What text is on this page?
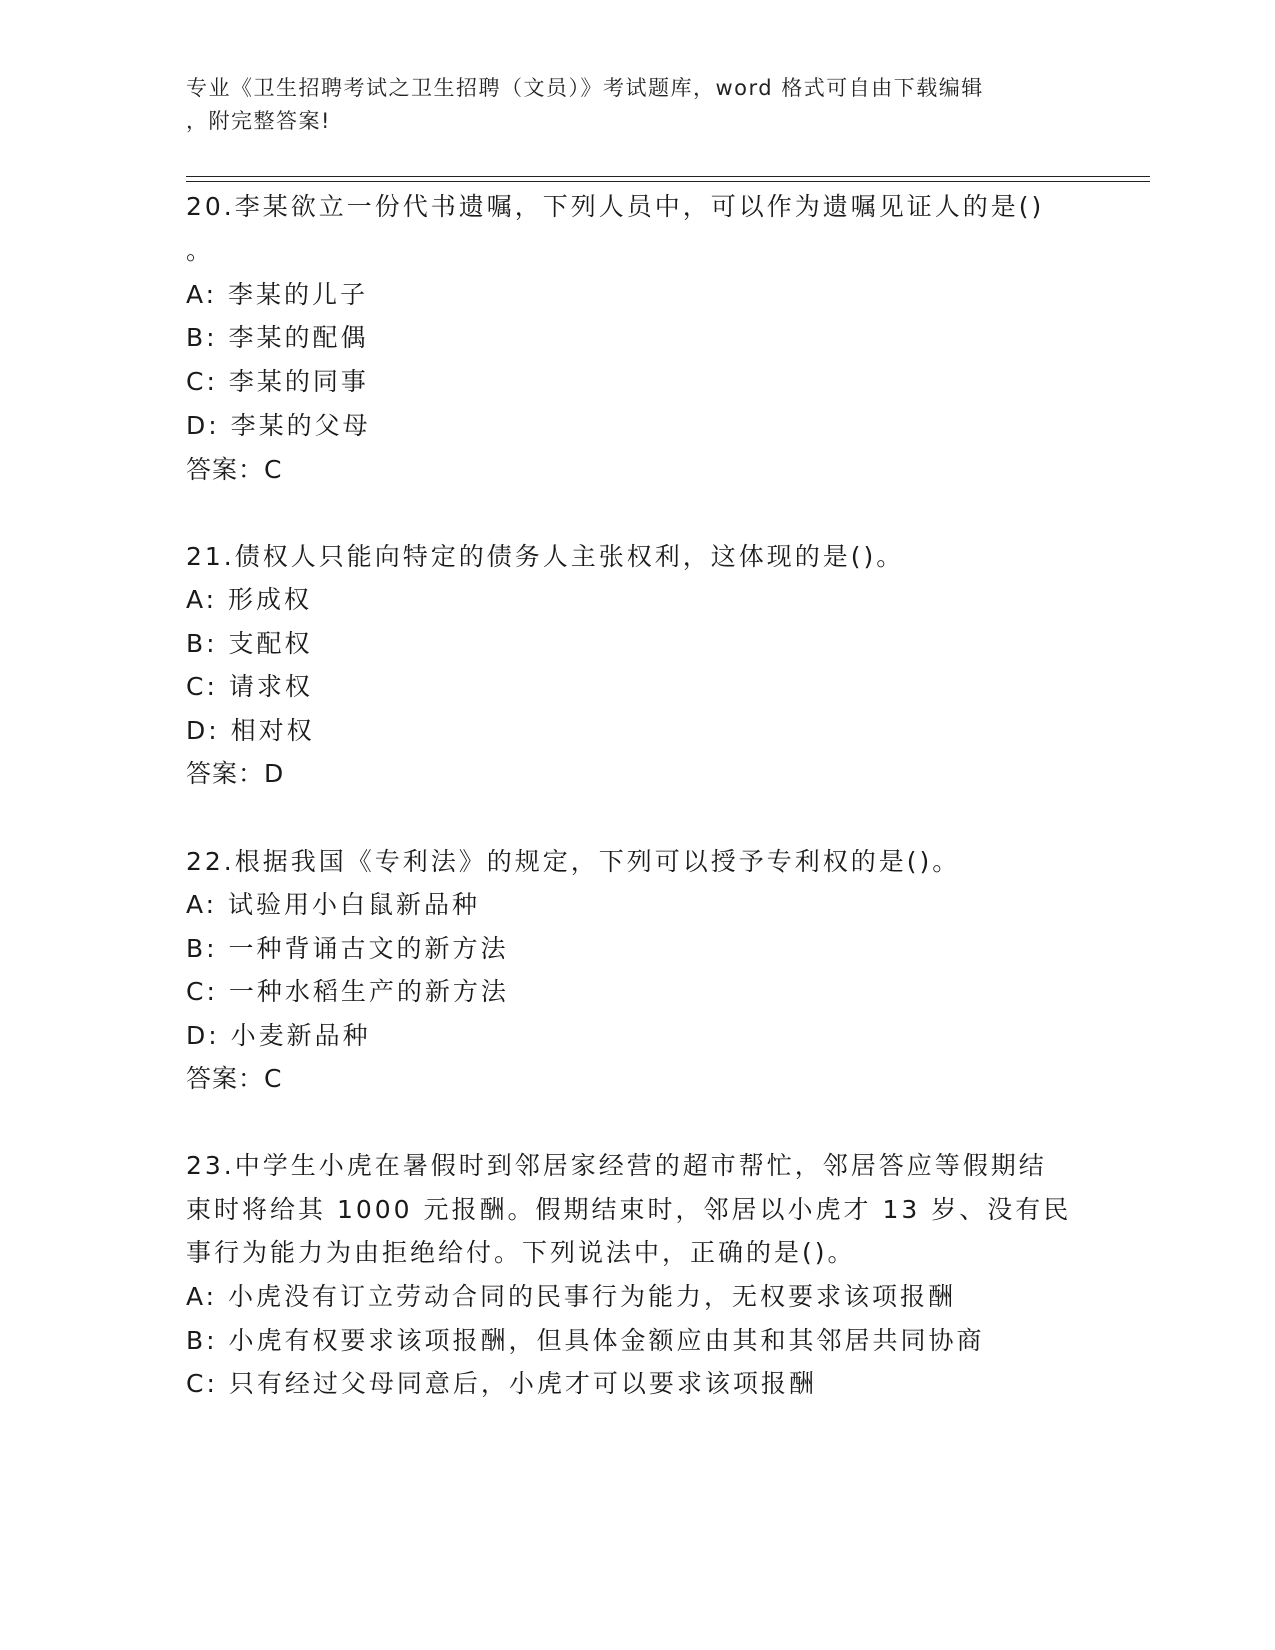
专业《卫生招聘考试之卫生招聘（文员）》考试题库，word 格式可自由下载编辑
，附完整答案!
20.李某欲立一份代书遗嘱，下列人员中，可以作为遗嘱见证人的是()
。
A: 李某的儿子
B: 李某的配偶
C: 李某的同事
D: 李某的父母
答案：C
21.债权人只能向特定的债务人主张权利，这体现的是()。
A: 形成权
B: 支配权
C: 请求权
D: 相对权
答案：D
22.根据我国《专利法》的规定，下列可以授予专利权的是()。
A: 试验用小白鼠新品种
B: 一种背诵古文的新方法
C: 一种水稻生产的新方法
D: 小麦新品种
答案：C
23.中学生小虎在暑假时到邻居家经营的超市帮忙，邻居答应等假期结
束时将给其 1000 元报酬。假期结束时，邻居以小虎才 13 岁、没有民
事行为能力为由拒绝给付。下列说法中，正确的是()。
A: 小虎没有订立劳动合同的民事行为能力，无权要求该项报酬
B: 小虎有权要求该项报酬，但具体金额应由其和其邻居共同协商
C: 只有经过父母同意后，小虎才可以要求该项报酬
